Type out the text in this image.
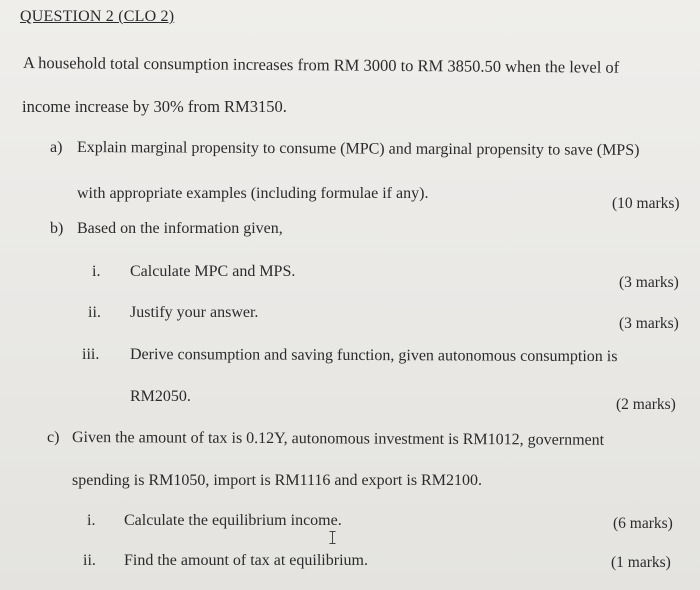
QUESTION 2 (CLO 2)
A household total consumption increases from RM 3000 to RM 3850.50 when the level of
income increase by 30% from RM3150.
a) Explain marginal propensity to consume (MPC) and marginal propensity to save (MPS)
with appropriate examples (including formulae if any).
(10 marks)
b) Based on the information given,
i. Calculate MPC and MPS.
(3 marks)
ii. Justify your answer.
(3 marks)
iii. Derive consumption and saving function, given autonomous consumption is
RM2050.	(2 marks)
c) Given the amount of tax is 0.12Y, autonomous investment is RM1012, government
spending is RM1050, import is RM1116 and export is RM2100.
i. Calculate the equilibrium income.	(6 marks)
ii. Find the amount of tax at equilibrium.	(1 marks)
